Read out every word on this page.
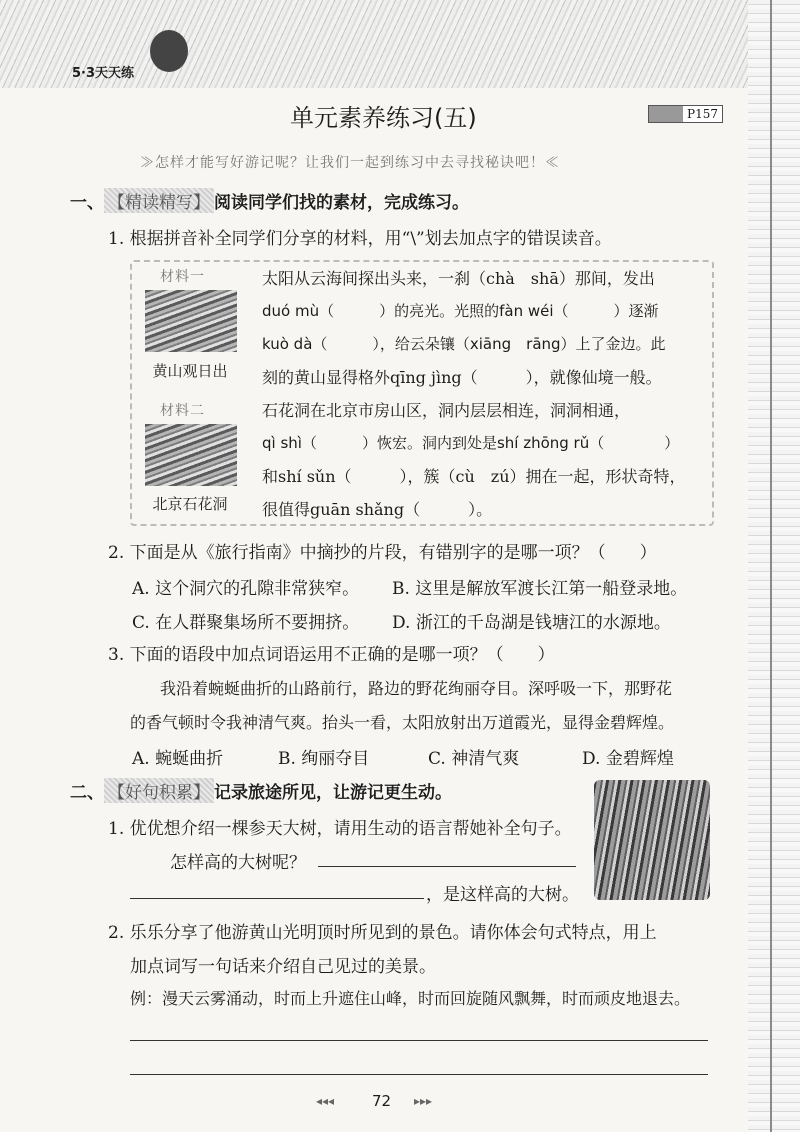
5·3天天练
单元素养练习(五)	P157
≫怎样才能写好游记呢？让我们一起到练习中去寻找秘诀吧！≪
一、 【精读精写】 阅读同学们找的素材，完成练习。
1. 根据拼音补全同学们分享的材料，用“\”划去加点字的错误读音。
材料一
黄山观日出
太阳从云海间探出头来，一刹（chà　shā）那间，发出
duó mù（　　　）的亮光。光照的fàn wéi（　　　）逐渐
kuò dà（　　　），给云朵镶（xiāng　rāng）上了金边。此
刻的黄山显得格外qīng jìng（　　　），就像仙境一般。
材料二
北京石花洞
石花洞在北京市房山区，洞内层层相连，洞洞相通，
qì shì（　　　）恢宏。洞内到处是shí zhōng rǔ（　　　　）
和shí sǔn（　　　），簇（cù　zú）拥在一起，形状奇特，
很值得guān shǎng（　　　）。
2. 下面是从《旅行指南》中摘抄的片段，有错别字的是哪一项？（　　）
A. 这个洞穴的孔隙非常狭窄。 B. 这里是解放军渡长江第一船登录地。
C. 在人群聚集场所不要拥挤。 D. 浙江的千岛湖是钱塘江的水源地。
3. 下面的语段中加点词语运用不正确的是哪一项？（　　）
我沿着蜿蜒曲折的山路前行，路边的野花绚丽夺目。深呼吸一下，那野花
的香气顿时令我神清气爽。抬头一看，太阳放射出万道霞光，显得金碧辉煌。
A. 蜿蜒曲折	B. 绚丽夺目	C. 神清气爽	D. 金碧辉煌
二、 【好句积累】 记录旅途所见，让游记更生动。
1. 优优想介绍一棵参天大树，请用生动的语言帮她补全句子。
怎样高的大树呢？
，是这样高的大树。
2. 乐乐分享了他游黄山光明顶时所见到的景色。请你体会句式特点，用上
加点词写一句话来介绍自己见过的美景。
例：漫天云雾涌动，时而上升遮住山峰，时而回旋随风飘舞，时而顽皮地退去。
◂◂◂	72 ▸▸▸
